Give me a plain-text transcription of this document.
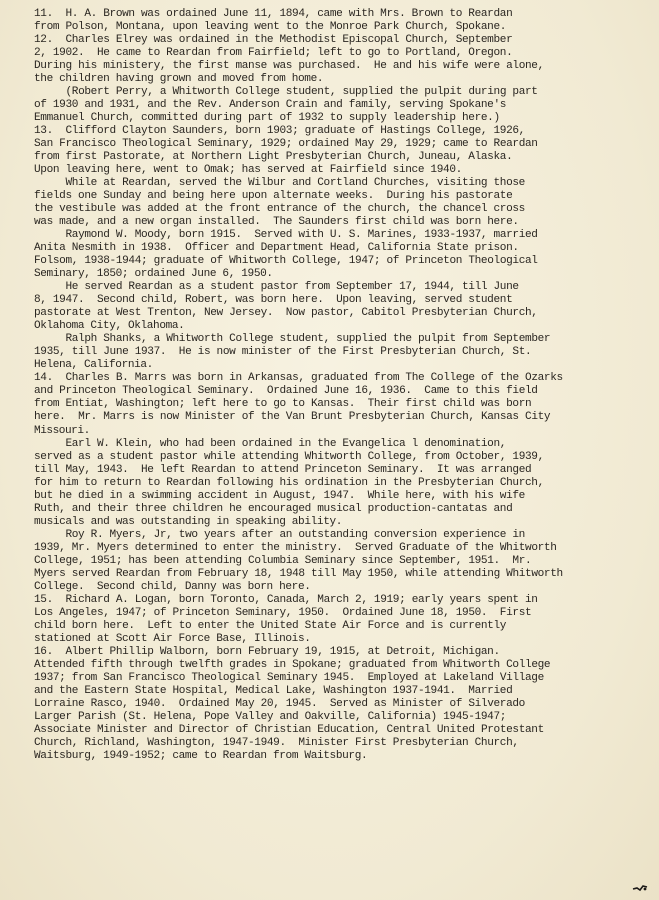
11.  H. A. Brown was ordained June 11, 1894, came with Mrs. Brown to Reardan
from Polson, Montana, upon leaving went to the Monroe Park Church, Spokane.
12.  Charles Elrey was ordained in the Methodist Episcopal Church, September
2, 1902.  He came to Reardan from Fairfield; left to go to Portland, Oregon.
During his ministery, the first manse was purchased.  He and his wife were alone,
the children having grown and moved from home.
(Robert Perry, a Whitworth College student, supplied the pulpit during part
of 1930 and 1931, and the Rev. Anderson Crain and family, serving Spokane's
Emmanuel Church, committed during part of 1932 to supply leadership here.)
13.  Clifford Clayton Saunders, born 1903; graduate of Hastings College, 1926,
San Francisco Theological Seminary, 1929; ordained May 29, 1929; came to Reardan
from first Pastorate, at Northern Light Presbyterian Church, Juneau, Alaska.
Upon leaving here, went to Omak; has served at Fairfield since 1940.
While at Reardan, served the Wilbur and Cortland Churches, visiting those
fields one Sunday and being here upon alternate weeks.  During his pastorate
the vestibule was added at the front entrance of the church, the chancel cross
was made, and a new organ installed.  The Saunders first child was born here.
Raymond W. Moody, born 1915.  Served with U. S. Marines, 1933-1937, married
Anita Nesmith in 1938.  Officer and Department Head, California State prison.
Folsom, 1938-1944; graduate of Whitworth College, 1947; of Princeton Theological
Seminary, 1850; ordained June 6, 1950.
He served Reardan as a student pastor from September 17, 1944, till June
8, 1947.  Second child, Robert, was born here.  Upon leaving, served student
pastorate at West Trenton, New Jersey.  Now pastor, Cabitol Presbyterian Church,
Oklahoma City, Oklahoma.
Ralph Shanks, a Whitworth College student, supplied the pulpit from September
1935, till June 1937.  He is now minister of the First Presbyterian Church, St.
Helena, California.
14.  Charles B. Marrs was born in Arkansas, graduated from The College of the Ozarks
and Princeton Theological Seminary.  Ordained June 16, 1936.  Came to this field
from Entiat, Washington; left here to go to Kansas.  Their first child was born
here.  Mr. Marrs is now Minister of the Van Brunt Presbyterian Church, Kansas City
Missouri.
Earl W. Klein, who had been ordained in the Evangelica l denomination,
served as a student pastor while attending Whitworth College, from October, 1939,
till May, 1943.  He left Reardan to attend Princeton Seminary.  It was arranged
for him to return to Reardan following his ordination in the Presbyterian Church,
but he died in a swimming accident in August, 1947.  While here, with his wife
Ruth, and their three children he encouraged musical production-cantatas and
musicals and was outstanding in speaking ability.
Roy R. Myers, Jr, two years after an outstanding conversion experience in
1939, Mr. Myers determined to enter the ministry.  Served Graduate of the Whitworth
College, 1951; has been attending Columbia Seminary since September, 1951.  Mr.
Myers served Reardan from February 18, 1948 till May 1950, while attending Whitworth
College.  Second child, Danny was born here.
15.  Richard A. Logan, born Toronto, Canada, March 2, 1919; early years spent in
Los Angeles, 1947; of Princeton Seminary, 1950.  Ordained June 18, 1950.  First
child born here.  Left to enter the United State Air Force and is currently
stationed at Scott Air Force Base, Illinois.
16.  Albert Phillip Walborn, born February 19, 1915, at Detroit, Michigan.
Attended fifth through twelfth grades in Spokane; graduated from Whitworth College
1937; from San Francisco Theological Seminary 1945.  Employed at Lakeland Village
and the Eastern State Hospital, Medical Lake, Washington 1937-1941.  Married
Lorraine Rasco, 1940.  Ordained May 20, 1945.  Served as Minister of Silverado
Larger Parish (St. Helena, Pope Valley and Oakville, California) 1945-1947;
Associate Minister and Director of Christian Education, Central United Protestant
Church, Richland, Washington, 1947-1949.  Minister First Presbyterian Church,
Waitsburg, 1949-1952; came to Reardan from Waitsburg.
